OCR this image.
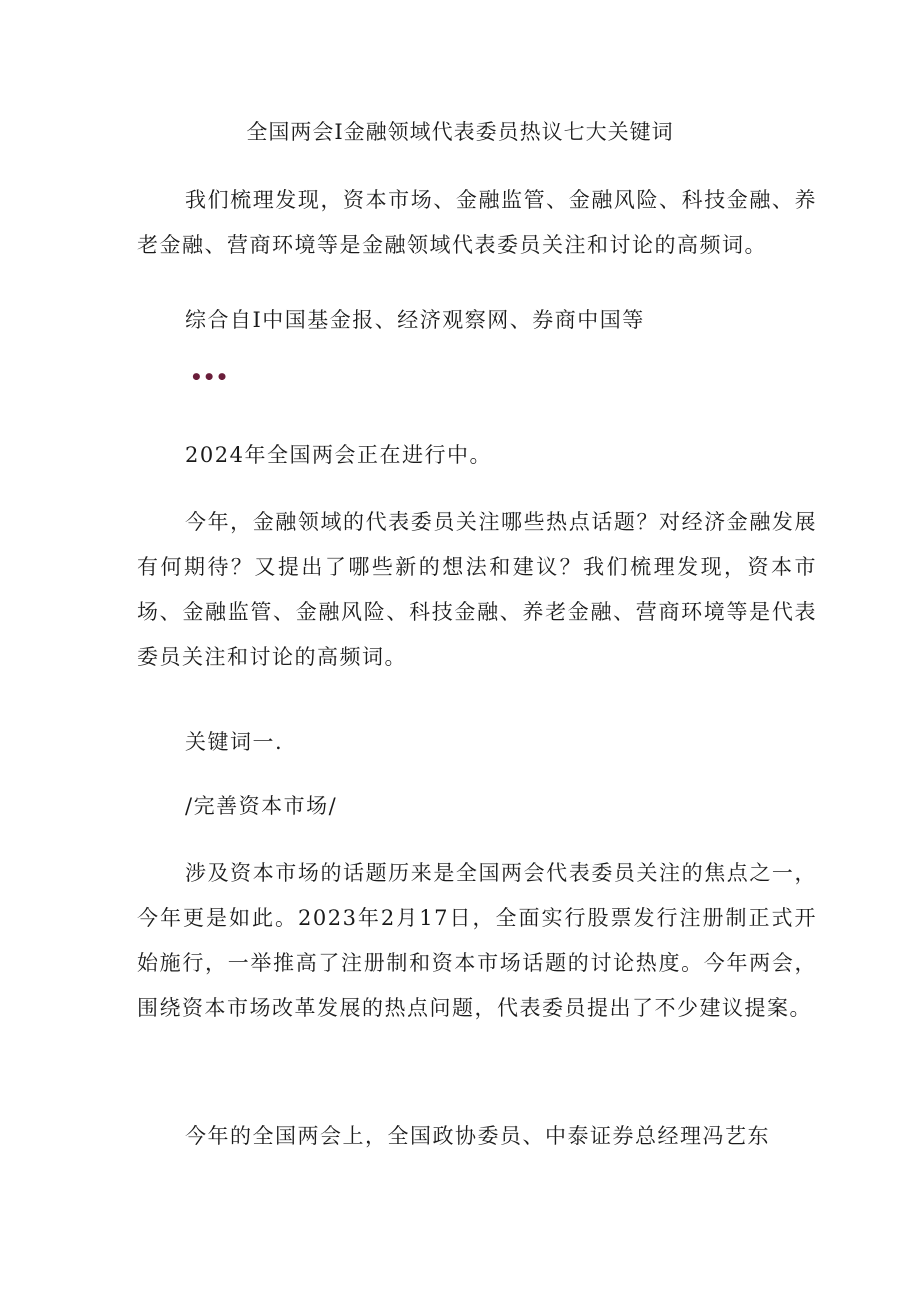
全国两会I金融领域代表委员热议七大关键词
我们梳理发现，资本市场、金融监管、金融风险、科技金融、养老金融、营商环境等是金融领域代表委员关注和讨论的高频词。
综合自I中国基金报、经济观察网、券商中国等
•••
2024年全国两会正在进行中。
今年，金融领域的代表委员关注哪些热点话题？对经济金融发展有何期待？又提出了哪些新的想法和建议？我们梳理发现，资本市场、金融监管、金融风险、科技金融、养老金融、营商环境等是代表委员关注和讨论的高频词。
关键词一.
/完善资本市场/
涉及资本市场的话题历来是全国两会代表委员关注的焦点之一，今年更是如此。2023年2月17日，全面实行股票发行注册制正式开始施行，一举推高了注册制和资本市场话题的讨论热度。今年两会，围绕资本市场改革发展的热点问题，代表委员提出了不少建议提案。
今年的全国两会上，全国政协委员、中泰证券总经理冯艺东
